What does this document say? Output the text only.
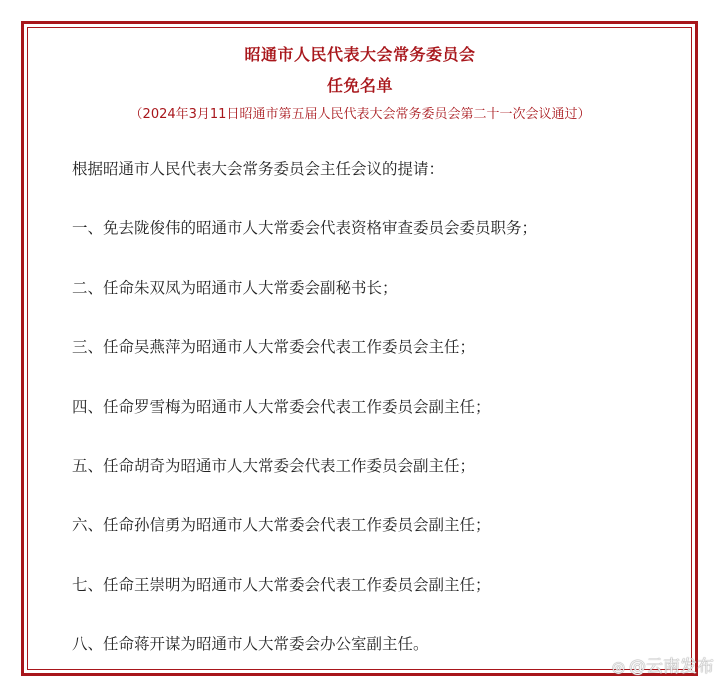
昭通市人民代表大会常务委员会
任免名单
（2024年3月11日昭通市第五届人民代表大会常务委员会第二十一次会议通过）
根据昭通市人民代表大会常务委员会主任会议的提请：
一、免去陇俊伟的昭通市人大常委会代表资格审查委员会委员职务；
二、任命朱双凤为昭通市人大常委会副秘书长；
三、任命吴燕萍为昭通市人大常委会代表工作委员会主任；
四、任命罗雪梅为昭通市人大常委会代表工作委员会副主任；
五、任命胡奇为昭通市人大常委会代表工作委员会副主任；
六、任命孙信勇为昭通市人大常委会代表工作委员会副主任；
七、任命王崇明为昭通市人大常委会代表工作委员会副主任；
八、任命蒋开谋为昭通市人大常委会办公室副主任。
◎ @云南发布
